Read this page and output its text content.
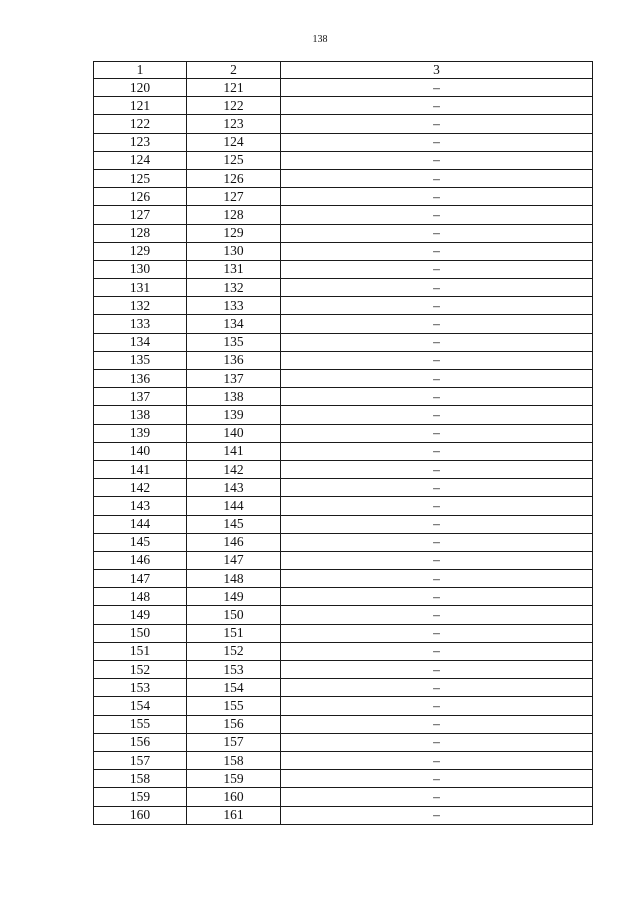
138
1	2	3
120	121	–
121	122	–
122	123	–
123	124	–
124	125	–
125	126	–
126	127	–
127	128	–
128	129	–
129	130	–
130	131	–
131	132	–
132	133	–
133	134	–
134	135	–
135	136	–
136	137	–
137	138	–
138	139	–
139	140	–
140	141	–
141	142	–
142	143	–
143	144	–
144	145	–
145	146	–
146	147	–
147	148	–
148	149	–
149	150	–
150	151	–
151	152	–
152	153	–
153	154	–
154	155	–
155	156	–
156	157	–
157	158	–
158	159	–
159	160	–
160	161	–
